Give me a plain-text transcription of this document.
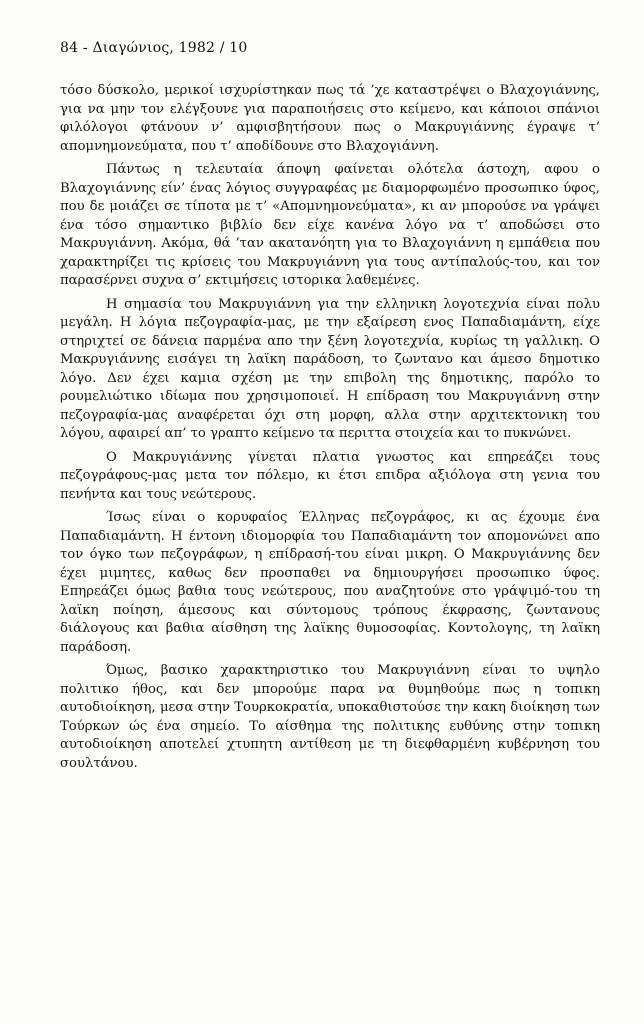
84 - Διαγώνιος, 1982 / 10

τόσο δύσκολο, μερικοί ισχυρίστηκαν πως τά ’χε καταστρέψει ο Βλαχογιάννης, για να μην τον ελέγξουνε για παραποιήσεις στο κείμενο, και κάποιοι σπάνιοι φιλόλογοι φτάνουν ν’ αμφισβητήσουν πως ο Μακρυγιάννης έγραψε τ’ απομνημονεύματα, που τ’ αποδίδουνε στο Βλαχογιάννη.

Πάντως η τελευταία άποψη φαίνεται ολότελα άστοχη, αφου ο Βλαχογιάννης είν’ ένας λόγιος συγγραφέας με διαμορφωμένο προσωπικο ύφος, που δε μοιάζει σε τίποτα με τ’ «Απομνημονεύματα», κι αν μπορούσε να γράψει ένα τόσο σημαντικο βιβλίο δεν είχε κανένα λόγο να τ’ αποδώσει στο Μακρυγιάννη. Ακόμα, θά ’ταν ακατανόητη για το Βλαχογιάννη η εμπάθεια που χαρακτηρίζει τις κρίσεις του Μακρυγιάννη για τους αντίπαλούς-του, και τον παρασέρνει συχνα σ’ εκτιμήσεις ιστορικα λαθεμένες.

Η σημασία του Μακρυγιάννη για την ελληνικη λογοτεχνία είναι πολυ μεγάλη. Η λόγια πεζογραφία-μας, με την εξαίρεση ενος Παπαδιαμάντη, είχε στηριχτεί σε δάνεια παρμένα απο την ξένη λογοτεχνία, κυρίως τη γαλλικη. Ο Μακρυγιάννης εισάγει τη λαϊκη παράδοση, το ζωντανο και άμεσο δημοτικο λόγο. Δεν έχει καμια σχέση με την επιβολη της δημοτικης, παρόλο το ρουμελιώτικο ιδίωμα που χρησιμοποιεί. Η επίδραση του Μακρυγιάννη στην πεζογραφία-μας αναφέρεται όχι στη μορφη, αλλα στην αρχιτεκτονικη του λόγου, αφαιρεί απ’ το γραπτο κείμενο τα περιττα στοιχεία και το πυκνώνει.

Ο Μακρυγιάννης γίνεται πλατια γνωστος και επηρεάζει τους πεζογράφους-μας μετα τον πόλεμο, κι έτσι επιδρα αξιόλογα στη γενια του πενήντα και τους νεώτερους.

Ίσως είναι ο κορυφαίος Έλληνας πεζογράφος, κι ας έχουμε ένα Παπαδιαμάντη. Η έντονη ιδιομορφία του Παπαδιαμάντη τον απομονώνει απο τον όγκο των πεζογράφων, η επίδρασή-του είναι μικρη. Ο Μακρυγιάννης δεν έχει μιμητες, καθως δεν προσπαθει να δημιουργήσει προσωπικο ύφος. Επηρεάζει όμως βαθια τους νεώτερους, που αναζητούνε στο γράψιμό-του τη λαϊκη ποίηση, άμεσους και σύντομους τρόπους έκφρασης, ζωντανους διάλογους και βαθια αίσθηση της λαϊκης θυμοσοφίας. Κοντολογης, τη λαϊκη παράδοση.

Όμως, βασικο χαρακτηριστικο του Μακρυγιάννη είναι το υψηλο πολιτικο ήθος, και δεν μπορούμε παρα να θυμηθούμε πως η τοπικη αυτοδιοίκηση, μεσα στην Τουρκοκρατία, υποκαθιστούσε την κακη διοίκηση των Τούρκων ώς ένα σημείο. Το αίσθημα της πολιτικης ευθύνης στην τοπικη αυτοδιοίκηση αποτελεί χτυπητη αντίθεση με τη διεφθαρμένη κυβέρνηση του σουλτάνου.
